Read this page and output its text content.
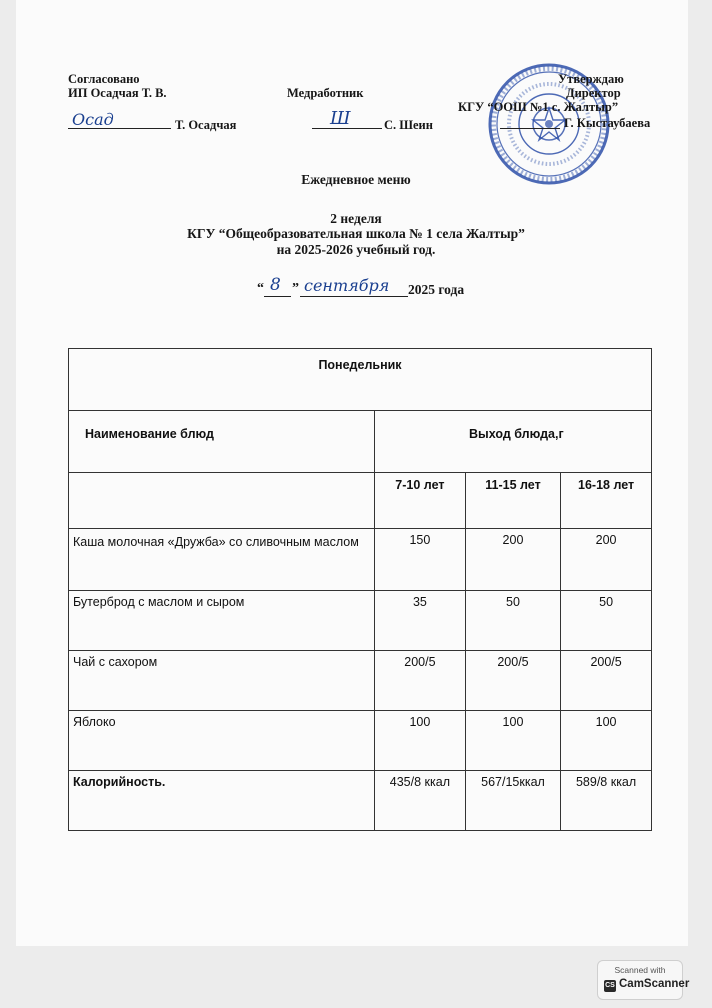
Согласовано
ИП Осадчая Т. В.
Осад	Т. Осадчая
Медработник
Ш	С. Шеин
Утверждаю
Директор
КГУ “ООШ №1 с. Жалтыр”
Г. Кыстаубаева
Ежедневное меню
2 неделя
КГУ “Общеобразовательная школа № 1 села Жалтыр”
на 2025-2026 учебный год.
“ 8 ” сентября 2025 года
Понедельник			
Наименование блюд	Выход блюда,г		
	7-10 лет	11-15 лет	16-18 лет
Каша молочная «Дружба» со сливочным маслом	150	200	200
Бутерброд с маслом и сыром	35	50	50
Чай с сахором	200/5	200/5	200/5
Яблоко	100	100	100
Калорийность.	435/8 ккал	567/15ккал	589/8 ккал
Scanned with
CS CamScanner
